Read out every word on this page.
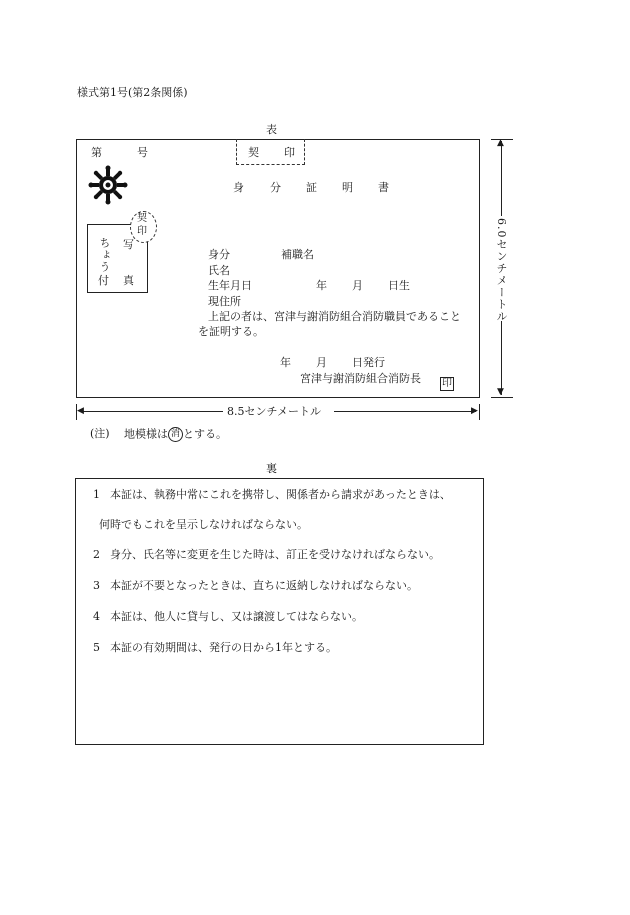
様式第1号(第2条関係)
表
第	号	契 印
身 分 証 明 書
契
印
写
ちょう
付 真
身分	補職名
氏名
生年月日	年 月 日生
現住所
上記の者は、宮津与謝消防組合消防職員であること
を証明する。
年 月 日発行
宮津与謝消防組合消防長 印
▲
▼
6.0センチメートル
◀	▶
8.5センチメートル
(注) 地模様は 消 とする。
裏
1 本証は、執務中常にこれを携帯し、関係者から請求があったときは、
何時でもこれを呈示しなければならない。
2 身分、氏名等に変更を生じた時は、訂正を受けなければならない。
3 本証が不要となったときは、直ちに返納しなければならない。
4 本証は、他人に貸与し、又は譲渡してはならない。
5 本証の有効期間は、発行の日から1年とする。
